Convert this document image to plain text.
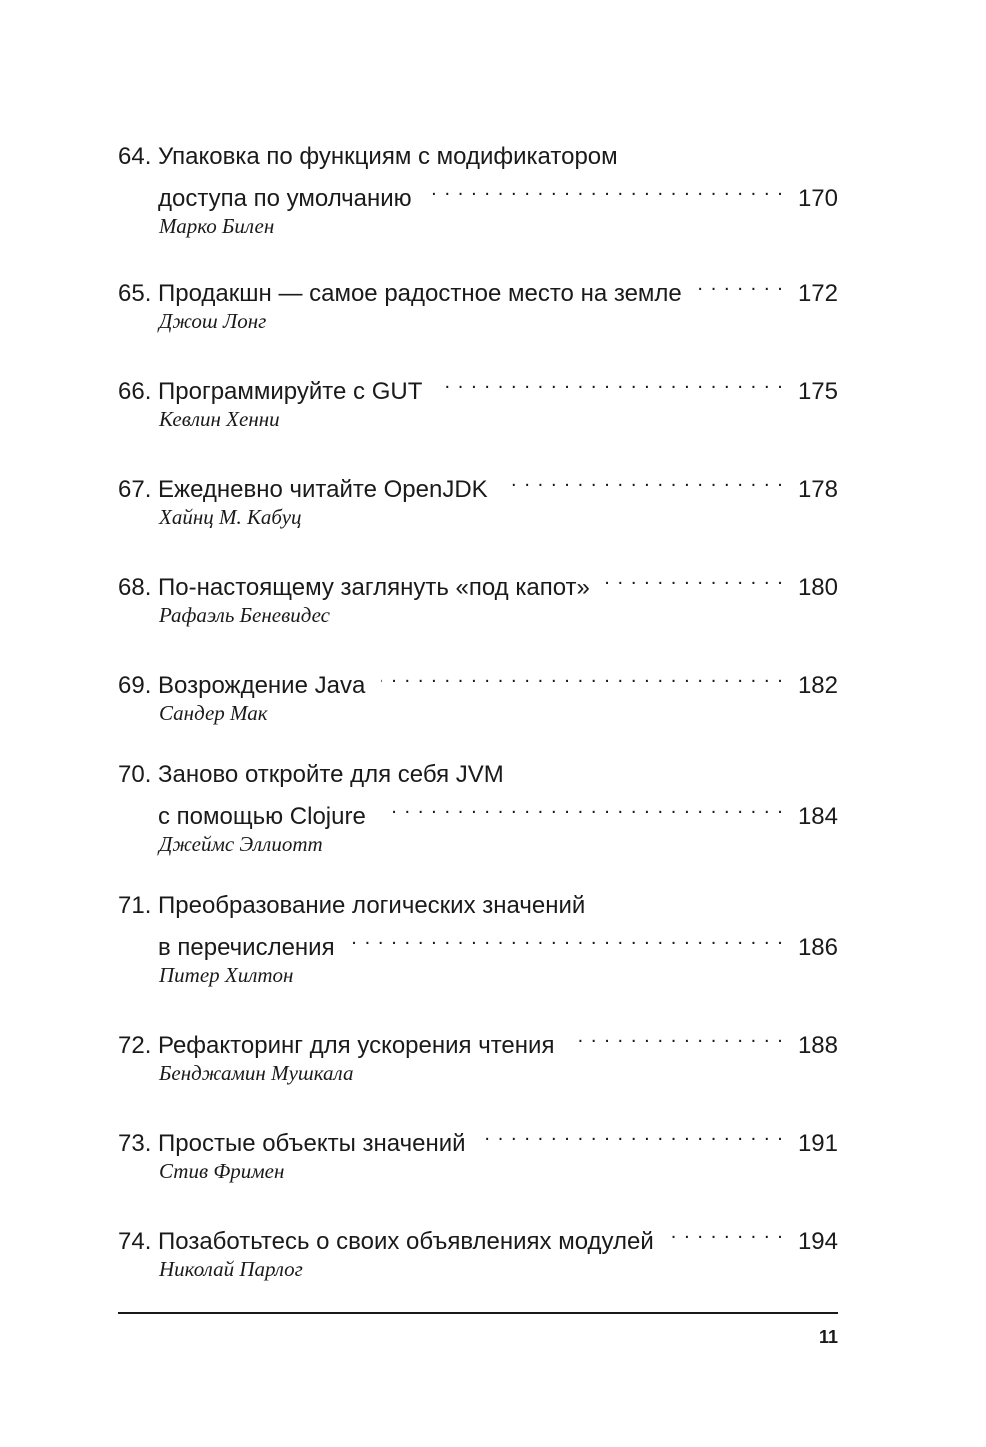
64. Упаковка по функциям с модификатором
доступа по умолчанию . . .	170
Марко Билен
65. Продакшн — самое радостное место на земле . . .	172
Джош Лонг
66. Программируйте с GUT . . .	175
Кевлин Хенни
67. Ежедневно читайте OpenJDK . . .	178
Хайнц М. Кабуц
68. По-настоящему заглянуть «под капот» . . .	180
Рафаэль Беневидес
69. Возрождение Java . . .	182
Сандер Мак
70. Заново откройте для себя JVM
с помощью Clojure . . .	184
Джеймс Эллиотт
71. Преобразование логических значений
в перечисления . . .	186
Питер Хилтон
72. Рефакторинг для ускорения чтения . . .	188
Бенджамин Мушкала
73. Простые объекты значений . . .	191
Стив Фримен
74. Позаботьтесь о своих объявлениях модулей . . .	194
Николай Парлог
11
